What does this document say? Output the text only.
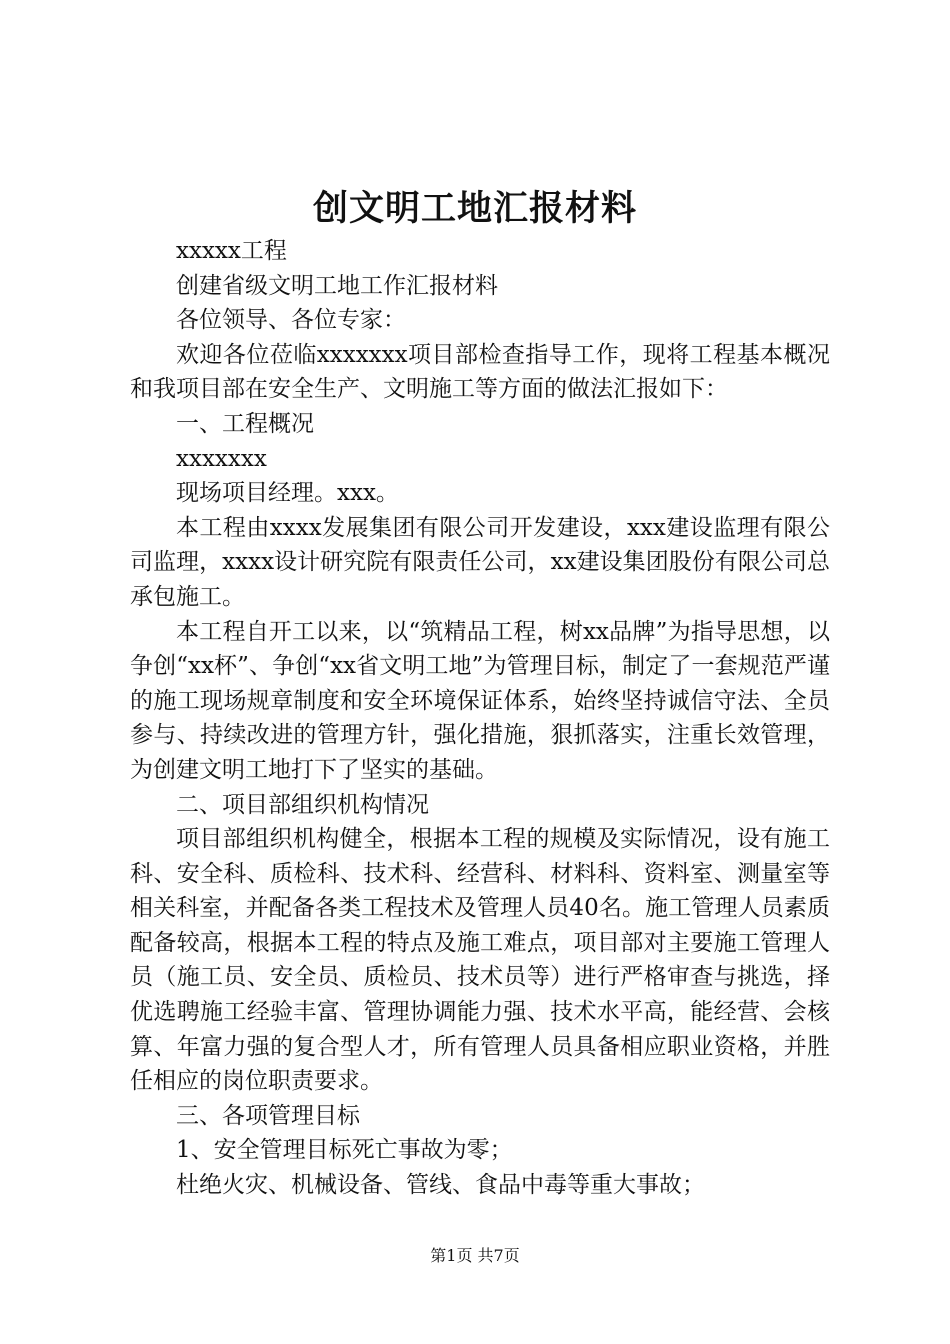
创文明工地汇报材料

xxxxx工程

创建省级文明工地工作汇报材料

各位领导、各位专家：

欢迎各位莅临xxxxxxx项目部检查指导工作，现将工程基本概况和我项目部在安全生产、文明施工等方面的做法汇报如下：

一、工程概况

xxxxxxx

现场项目经理。xxx。

本工程由xxxx发展集团有限公司开发建设，xxx建设监理有限公司监理，xxxx设计研究院有限责任公司，xx建设集团股份有限公司总承包施工。

本工程自开工以来，以“筑精品工程，树xx品牌”为指导思想，以争创“xx杯”、争创“xx省文明工地”为管理目标，制定了一套规范严谨的施工现场规章制度和安全环境保证体系，始终坚持诚信守法、全员参与、持续改进的管理方针，强化措施，狠抓落实，注重长效管理，为创建文明工地打下了坚实的基础。

二、项目部组织机构情况

项目部组织机构健全，根据本工程的规模及实际情况，设有施工科、安全科、质检科、技术科、经营科、材料科、资料室、测量室等相关科室，并配备各类工程技术及管理人员40名。施工管理人员素质配备较高，根据本工程的特点及施工难点，项目部对主要施工管理人员（施工员、安全员、质检员、技术员等）进行严格审查与挑选，择优选聘施工经验丰富、管理协调能力强、技术水平高，能经营、会核算、年富力强的复合型人才，所有管理人员具备相应职业资格，并胜任相应的岗位职责要求。

三、各项管理目标

1、安全管理目标死亡事故为零；

杜绝火灾、机械设备、管线、食品中毒等重大事故；

第1页 共7页
